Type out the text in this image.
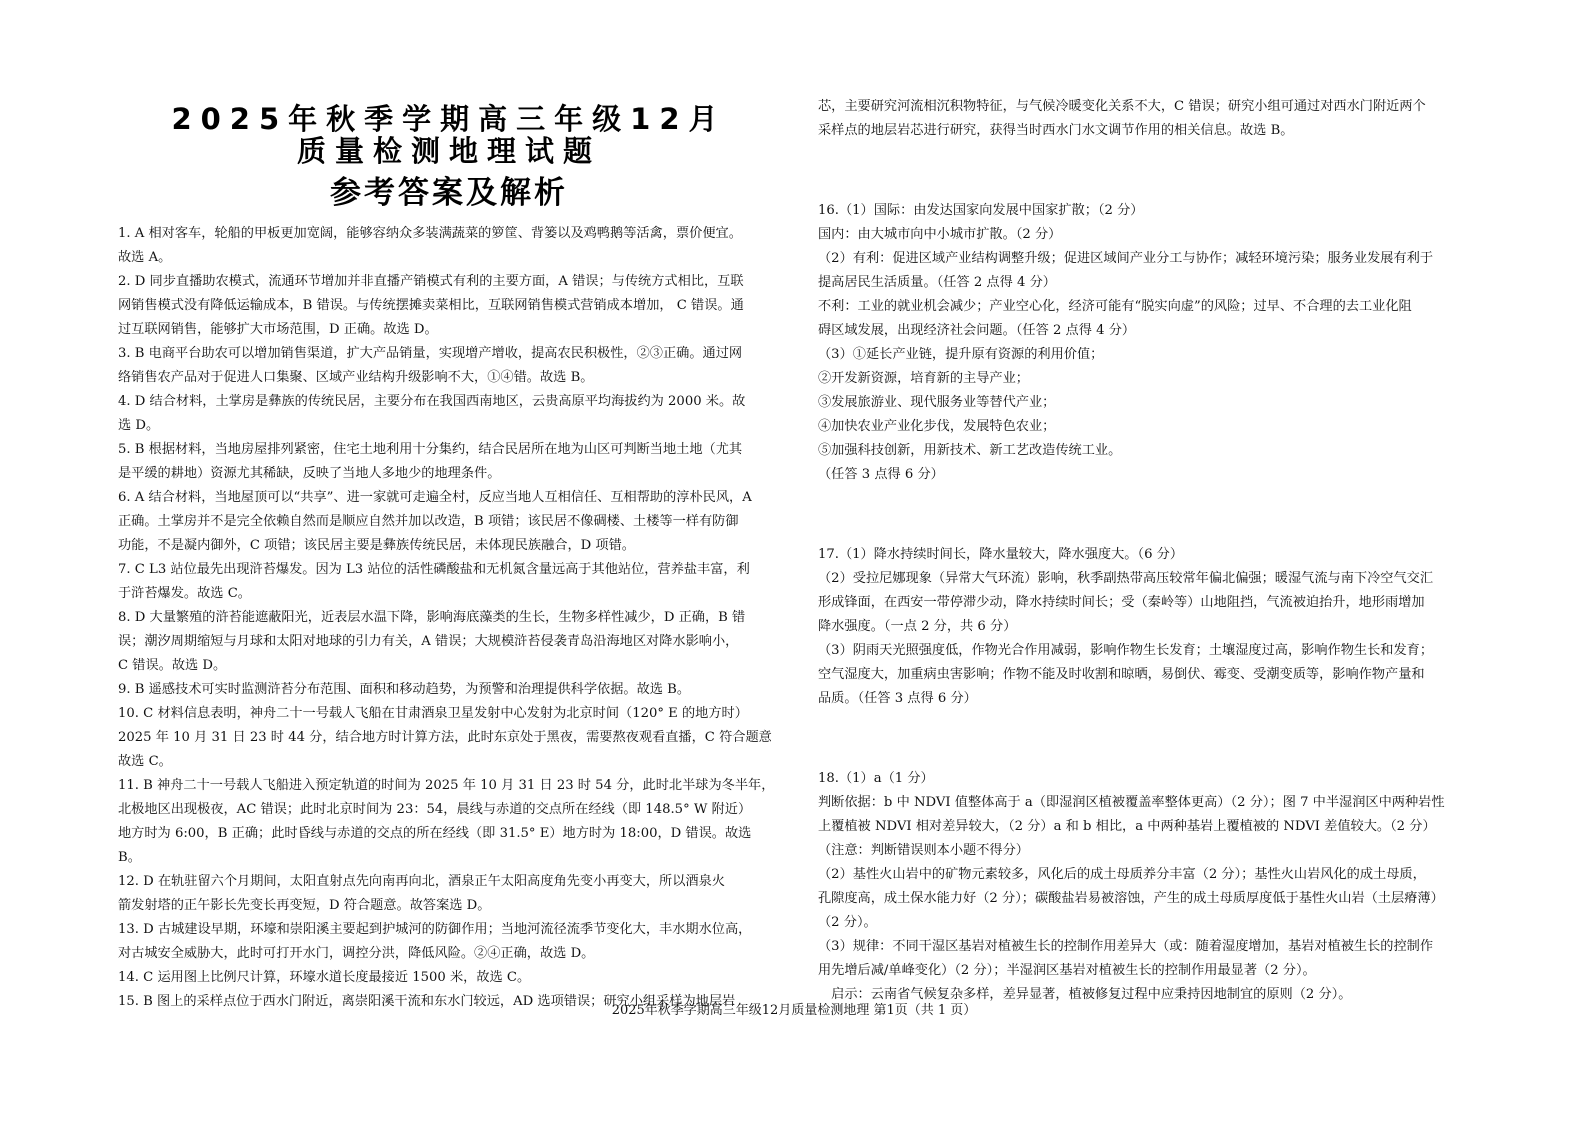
2025年秋季学期高三年级12月
质量检测地理试题
参考答案及解析

1. A 相对客车，轮船的甲板更加宽阔，能够容纳众多装满蔬菜的箩筐、背篓以及鸡鸭鹅等活禽，票价便宜。

故选 A。

2. D 同步直播助农模式，流通环节增加并非直播产销模式有利的主要方面，A 错误；与传统方式相比，互联

网销售模式没有降低运输成本，B 错误。与传统摆摊卖菜相比，互联网销售模式营销成本增加， C 错误。通

过互联网销售，能够扩大市场范围，D 正确。故选 D。

3. B 电商平台助农可以增加销售渠道，扩大产品销量，实现增产增收，提高农民积极性，②③正确。通过网

络销售农产品对于促进人口集聚、区域产业结构升级影响不大，①④错。故选 B。

4. D 结合材料，土掌房是彝族的传统民居，主要分布在我国西南地区，云贵高原平均海拔约为 2000 米。故

选 D。

5. B 根据材料，当地房屋排列紧密，住宅土地利用十分集约，结合民居所在地为山区可判断当地土地（尤其

是平缓的耕地）资源尤其稀缺，反映了当地人多地少的地理条件。

6. A 结合材料，当地屋顶可以“共享”、进一家就可走遍全村，反应当地人互相信任、互相帮助的淳朴民风，A

正确。土掌房并不是完全依赖自然而是顺应自然并加以改造，B 项错；该民居不像碉楼、土楼等一样有防御

功能，不是凝内御外，C 项错；该民居主要是彝族传统民居，未体现民族融合，D 项错。

7. C L3 站位最先出现浒苔爆发。因为 L3 站位的活性磷酸盐和无机氮含量远高于其他站位，营养盐丰富，利

于浒苔爆发。故选 C。

8. D 大量繁殖的浒苔能遮蔽阳光，近表层水温下降，影响海底藻类的生长，生物多样性减少，D 正确，B 错

误；潮汐周期缩短与月球和太阳对地球的引力有关，A 错误；大规模浒苔侵袭青岛沿海地区对降水影响小，

C 错误。故选 D。

9. B 遥感技术可实时监测浒苔分布范围、面积和移动趋势，为预警和治理提供科学依据。故选 B。

10. C 材料信息表明，神舟二十一号载人飞船在甘肃酒泉卫星发射中心发射为北京时间（120° E 的地方时）

2025 年 10 月 31 日 23 时 44 分，结合地方时计算方法，此时东京处于黑夜，需要熬夜观看直播，C 符合题意

故选 C。

11. B 神舟二十一号载人飞船进入预定轨道的时间为 2025 年 10 月 31 日 23 时 54 分，此时北半球为冬半年，

北极地区出现极夜，AC 错误；此时北京时间为 23：54，晨线与赤道的交点所在经线（即 148.5° W 附近）

地方时为 6:00，B 正确；此时昏线与赤道的交点的所在经线（即 31.5° E）地方时为 18:00，D 错误。故选

B。

12. D 在轨驻留六个月期间，太阳直射点先向南再向北，酒泉正午太阳高度角先变小再变大，所以酒泉火

箭发射塔的正午影长先变长再变短，D 符合题意。故答案选 D。

13. D 古城建设早期，环壕和崇阳溪主要起到护城河的防御作用；当地河流径流季节变化大，丰水期水位高，

对古城安全威胁大，此时可打开水门，调控分洪，降低风险。②④正确，故选 D。

14. C 运用图上比例尺计算，环壕水道长度最接近 1500 米，故选 C。

15. B 图上的采样点位于西水门附近，离崇阳溪干流和东水门较远，AD 选项错误；研究小组采样为地层岩

芯，主要研究河流相沉积物特征，与气候冷暖变化关系不大，C 错误；研究小组可通过对西水门附近两个

采样点的地层岩芯进行研究，获得当时西水门水文调节作用的相关信息。故选 B。

16.（1）国际：由发达国家向发展中国家扩散；（2 分）

国内：由大城市向中小城市扩散。（2 分）

（2）有利：促进区域产业结构调整升级；促进区域间产业分工与协作；减轻环境污染；服务业发展有利于

提高居民生活质量。（任答 2 点得 4 分）

不利：工业的就业机会减少；产业空心化，经济可能有“脱实向虚”的风险；过早、不合理的去工业化阻

碍区域发展，出现经济社会问题。（任答 2 点得 4 分）

（3）①延长产业链，提升原有资源的利用价值；

②开发新资源，培育新的主导产业；

③发展旅游业、现代服务业等替代产业；

④加快农业产业化步伐，发展特色农业；

⑤加强科技创新，用新技术、新工艺改造传统工业。

（任答 3 点得 6 分）

17.（1）降水持续时间长，降水量较大，降水强度大。（6 分）

（2）受拉尼娜现象（异常大气环流）影响，秋季副热带高压较常年偏北偏强；暖湿气流与南下冷空气交汇

形成锋面，在西安一带停滞少动，降水持续时间长；受（秦岭等）山地阻挡，气流被迫抬升，地形雨增加

降水强度。（一点 2 分，共 6 分）

（3）阴雨天光照强度低，作物光合作用减弱，影响作物生长发育；土壤湿度过高，影响作物生长和发育；

空气湿度大，加重病虫害影响；作物不能及时收割和晾晒，易倒伏、霉变、受潮变质等，影响作物产量和

品质。（任答 3 点得 6 分）

18.（1）a（1 分）

判断依据：b 中 NDVI 值整体高于 a（即湿润区植被覆盖率整体更高）（2 分）；图 7 中半湿润区中两种岩性

上覆植被 NDVI 相对差异较大，（2 分）a 和 b 相比，a 中两种基岩上覆植被的 NDVI 差值较大。（2 分）

（注意：判断错误则本小题不得分）

（2）基性火山岩中的矿物元素较多，风化后的成土母质养分丰富（2 分）；基性火山岩风化的成土母质，

孔隙度高，成土保水能力好（2 分）；碳酸盐岩易被溶蚀，产生的成土母质厚度低于基性火山岩（土层瘠薄）

（2 分）。

（3）规律：不同干湿区基岩对植被生长的控制作用差异大（或：随着湿度增加，基岩对植被生长的控制作

用先增后减/单峰变化）（2 分）；半湿润区基岩对植被生长的控制作用最显著（2 分）。

　启示：云南省气候复杂多样，差异显著，植被修复过程中应秉持因地制宜的原则（2 分）。

2025年秋季学期高三年级12月质量检测地理 第1页（共 1 页）
